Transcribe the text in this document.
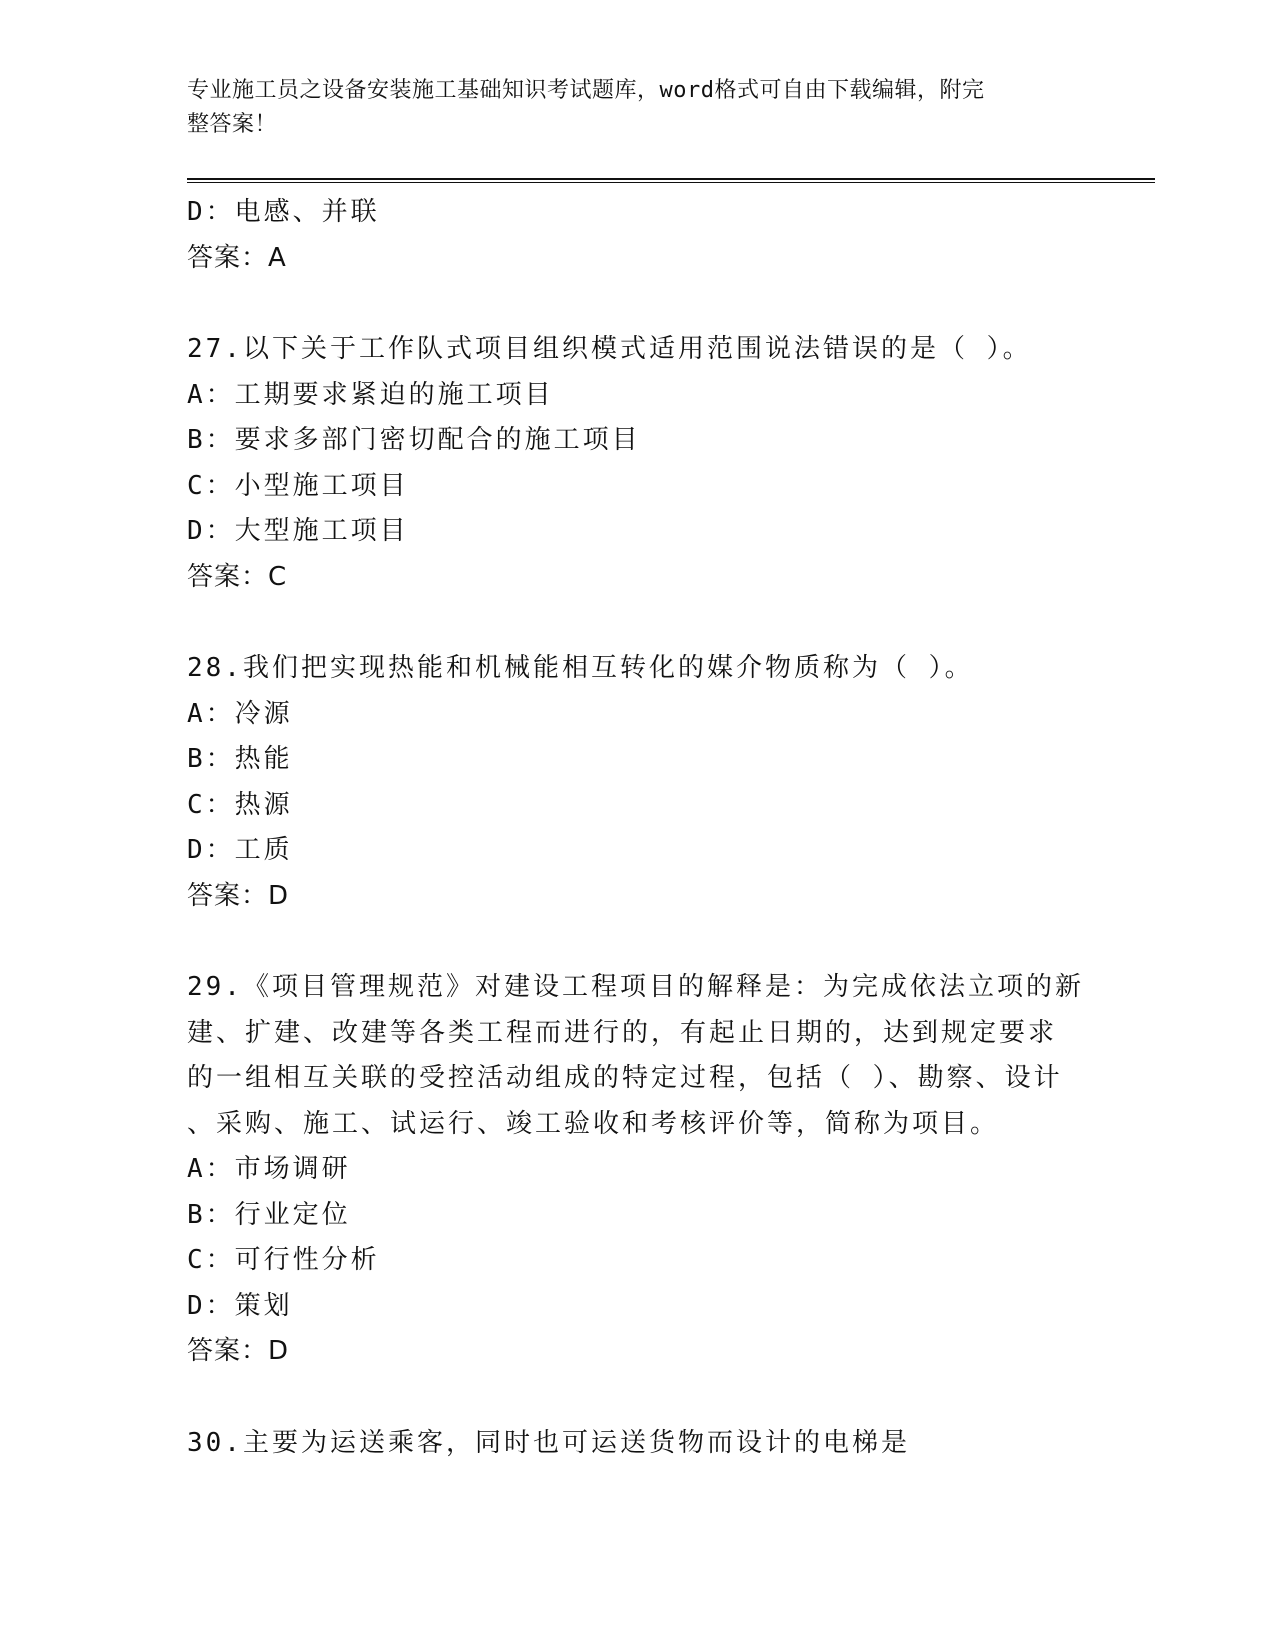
专业施工员之设备安装施工基础知识考试题库，word格式可自由下载编辑，附完
整答案！
D：电感、并联
答案：A
27.以下关于工作队式项目组织模式适用范围说法错误的是（ ）。
A：工期要求紧迫的施工项目
B：要求多部门密切配合的施工项目
C：小型施工项目
D：大型施工项目
答案：C
28.我们把实现热能和机械能相互转化的媒介物质称为（ ）。
A：冷源
B：热能
C：热源
D：工质
答案：D
29.《项目管理规范》对建设工程项目的解释是：为完成依法立项的新
建、扩建、改建等各类工程而进行的，有起止日期的，达到规定要求
的一组相互关联的受控活动组成的特定过程，包括（ ）、勘察、设计
、采购、施工、试运行、竣工验收和考核评价等，简称为项目。
A：市场调研
B：行业定位
C：可行性分析
D：策划
答案：D
30.主要为运送乘客，同时也可运送货物而设计的电梯是
